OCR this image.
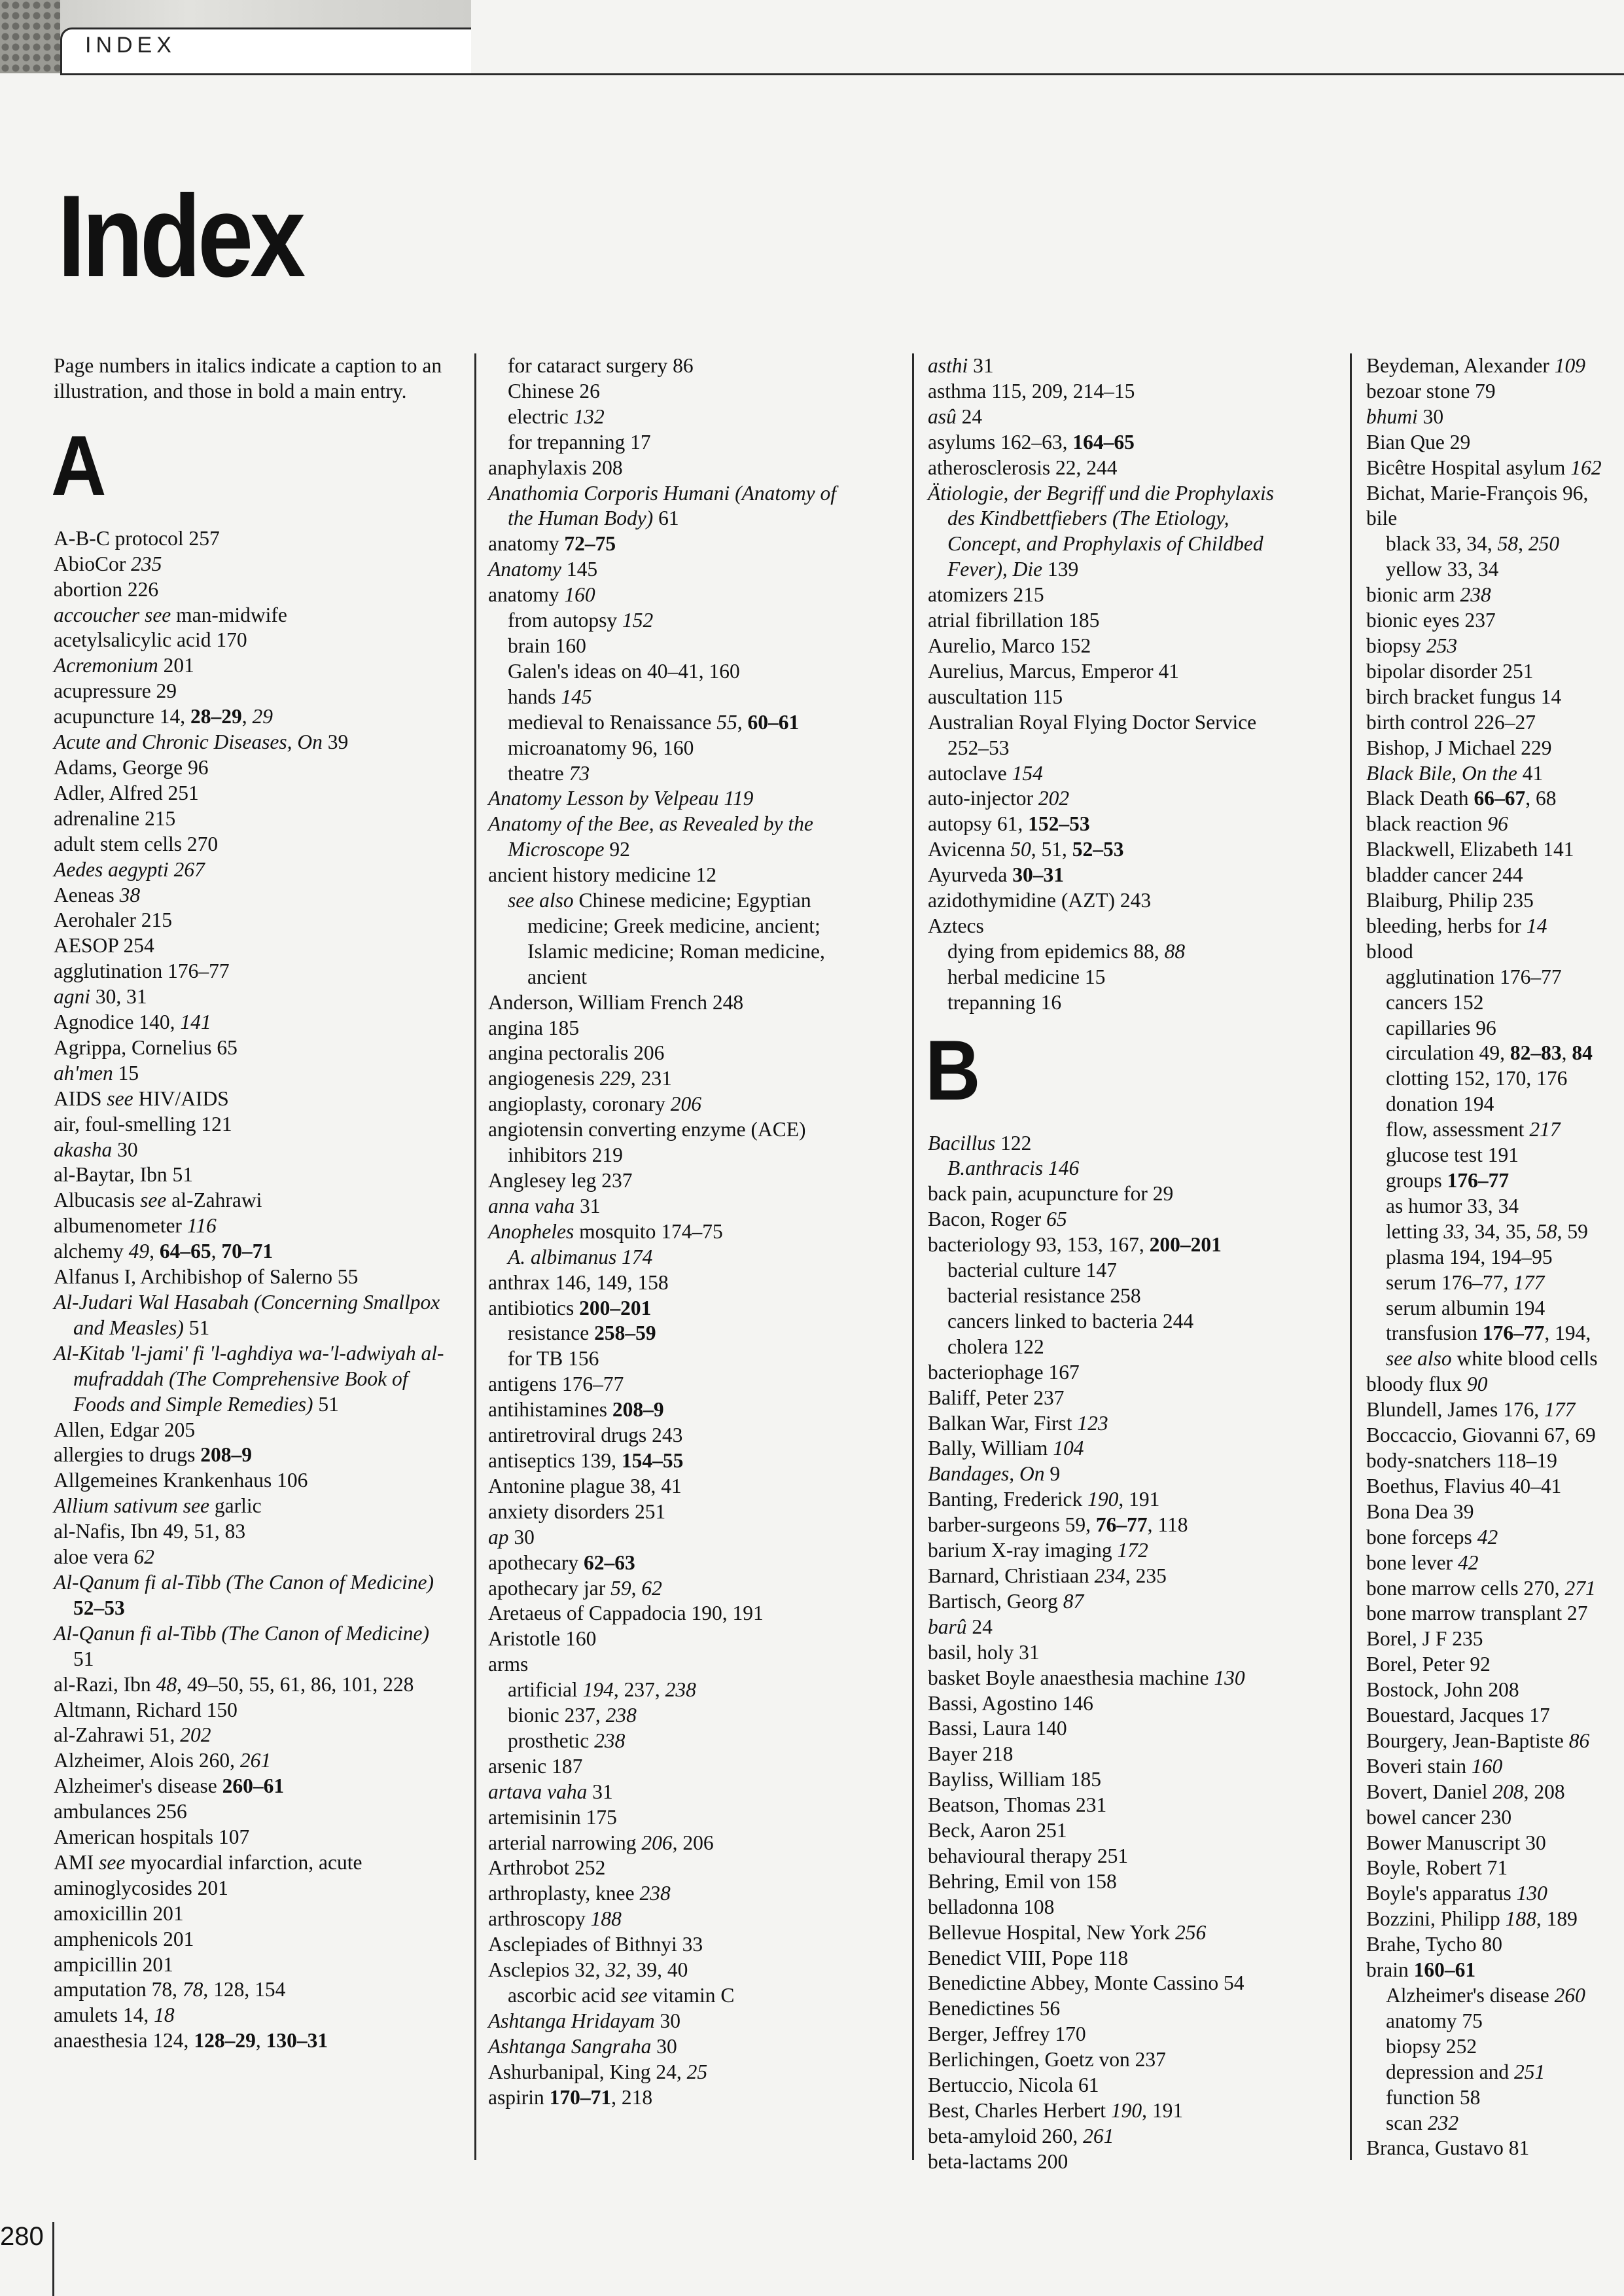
INDEX
Index

Page numbers in italics indicate a caption to an illustration, and those in bold a main entry.

A
A-B-C protocol 257
AbioCor 235
abortion 226
accoucher see man-midwife
acetylsalicylic acid 170
Acremonium 201
acupressure 29
acupuncture 14, 28–29, 29
Acute and Chronic Diseases, On 39
Adams, George 96
Adler, Alfred 251
adrenaline 215
adult stem cells 270
Aedes aegypti 267
Aeneas 38
Aerohaler 215
AESOP 254
agglutination 176–77
agni 30, 31
Agnodice 140, 141
Agrippa, Cornelius 65
ah'men 15
AIDS see HIV/AIDS
air, foul-smelling 121
akasha 30
al-Baytar, Ibn 51
Albucasis see al-Zahrawi
albumenometer 116
alchemy 49, 64–65, 70–71
Alfanus I, Archibishop of Salerno 55
Al-Judari Wal Hasabah (Concerning Smallpox and Measles) 51
Al-Kitab 'l-jami' fi 'l-aghdiya wa-'l-adwiyah al-mufraddah (The Comprehensive Book of Foods and Simple Remedies) 51
Allen, Edgar 205
allergies to drugs 208–9
Allgemeines Krankenhaus 106
Allium sativum see garlic
al-Nafis, Ibn 49, 51, 83
aloe vera 62
Al-Qanum fi al-Tibb (The Canon of Medicine) 52–53
Al-Qanun fi al-Tibb (The Canon of Medicine) 51
al-Razi, Ibn 48, 49–50, 55, 61, 86, 101, 228
Altmann, Richard 150
al-Zahrawi 51, 202
Alzheimer, Alois 260, 261
Alzheimer's disease 260–61
ambulances 256
American hospitals 107
AMI see myocardial infarction, acute
aminoglycosides 201
amoxicillin 201
amphenicols 201
ampicillin 201
amputation 78, 78, 128, 154
amulets 14, 18
anaesthesia 124, 128–29, 130–31
for cataract surgery 86
Chinese 26
electric 132
for trepanning 17
anaphylaxis 208
Anathomia Corporis Humani (Anatomy of the Human Body) 61
anatomy 72–75
Anatomy 145
anatomy 160
from autopsy 152
brain 160
Galen's ideas on 40–41, 160
hands 145
medieval to Renaissance 55, 60–61
microanatomy 96, 160
theatre 73
Anatomy Lesson by Velpeau 119
Anatomy of the Bee, as Revealed by the Microscope 92
ancient history medicine 12
see also Chinese medicine; Egyptian medicine; Greek medicine, ancient; Islamic medicine; Roman medicine, ancient
Anderson, William French 248
angina 185
angina pectoralis 206
angiogenesis 229, 231
angioplasty, coronary 206
angiotensin converting enzyme (ACE) inhibitors 219
Anglesey leg 237
anna vaha 31
Anopheles mosquito 174–75
A. albimanus 174
anthrax 146, 149, 158
antibiotics 200–201
resistance 258–59
for TB 156
antigens 176–77
antihistamines 208–9
antiretroviral drugs 243
antiseptics 139, 154–55
Antonine plague 38, 41
anxiety disorders 251
ap 30
apothecary 62–63
apothecary jar 59, 62
Aretaeus of Cappadocia 190, 191
Aristotle 160
arms
artificial 194, 237, 238
bionic 237, 238
prosthetic 238
arsenic 187
artava vaha 31
artemisinin 175
arterial narrowing 206, 206
Arthrobot 252
arthroplasty, knee 238
arthroscopy 188
Asclepiades of Bithnyi 33
Asclepios 32, 32, 39, 40
ascorbic acid see vitamin C
Ashtanga Hridayam 30
Ashtanga Sangraha 30
Ashurbanipal, King 24, 25
aspirin 170–71, 218
asthi 31
asthma 115, 209, 214–15
asû 24
asylums 162–63, 164–65
atherosclerosis 22, 244
Ätiologie, der Begriff und die Prophylaxis des Kindbettfiebers (The Etiology, Concept, and Prophylaxis of Childbed Fever), Die 139
atomizers 215
atrial fibrillation 185
Aurelio, Marco 152
Aurelius, Marcus, Emperor 41
auscultation 115
Australian Royal Flying Doctor Service 252–53
autoclave 154
auto-injector 202
autopsy 61, 152–53
Avicenna 50, 51, 52–53
Ayurveda 30–31
azidothymidine (AZT) 243
Aztecs
dying from epidemics 88, 88
herbal medicine 15
trepanning 16
B
Bacillus 122
B.anthracis 146
back pain, acupuncture for 29
Bacon, Roger 65
bacteriology 93, 153, 167, 200–201
bacterial culture 147
bacterial resistance 258
cancers linked to bacteria 244
cholera 122
bacteriophage 167
Baliff, Peter 237
Balkan War, First 123
Bally, William 104
Bandages, On 9
Banting, Frederick 190, 191
barber-surgeons 59, 76–77, 118
barium X-ray imaging 172
Barnard, Christiaan 234, 235
Bartisch, Georg 87
barû 24
basil, holy 31
basket Boyle anaesthesia machine 130
Bassi, Agostino 146
Bassi, Laura 140
Bayer 218
Bayliss, William 185
Beatson, Thomas 231
Beck, Aaron 251
behavioural therapy 251
Behring, Emil von 158
belladonna 108
Bellevue Hospital, New York 256
Benedict VIII, Pope 118
Benedictine Abbey, Monte Cassino 54
Benedictines 56
Berger, Jeffrey 170
Berlichingen, Goetz von 237
Bertuccio, Nicola 61
Best, Charles Herbert 190, 191
beta-amyloid 260, 261
beta-lactams 200
Beydeman, Alexander 109
bezoar stone 79
bhumi 30
Bian Que 29
Bicêtre Hospital asylum 162
Bichat, Marie-François 96,
bile
black 33, 34, 58, 250
yellow 33, 34
bionic arm 238
bionic eyes 237
biopsy 253
bipolar disorder 251
birch bracket fungus 14
birth control 226–27
Bishop, J Michael 229
Black Bile, On the 41
Black Death 66–67, 68
black reaction 96
Blackwell, Elizabeth 141
bladder cancer 244
Blaiburg, Philip 235
bleeding, herbs for 14
blood
agglutination 176–77
cancers 152
capillaries 96
circulation 49, 82–83, 84
clotting 152, 170, 176
donation 194
flow, assessment 217
glucose test 191
groups 176–77
as humor 33, 34
letting 33, 34, 35, 58, 59
plasma 194, 194–95
serum 176–77, 177
serum albumin 194
transfusion 176–77, 194,
see also white blood cells
bloody flux 90
Blundell, James 176, 177
Boccaccio, Giovanni 67, 69
body-snatchers 118–19
Boethus, Flavius 40–41
Bona Dea 39
bone forceps 42
bone lever 42
bone marrow cells 270, 271
bone marrow transplant 27
Borel, J F 235
Borel, Peter 92
Bostock, John 208
Bouestard, Jacques 17
Bourgery, Jean-Baptiste 86
Boveri stain 160
Bovert, Daniel 208, 208
bowel cancer 230
Bower Manuscript 30
Boyle, Robert 71
Boyle's apparatus 130
Bozzini, Philipp 188, 189
Brahe, Tycho 80
brain 160–61
Alzheimer's disease 260
anatomy 75
biopsy 252
depression and 251
function 58
scan 232
Branca, Gustavo 81
280
